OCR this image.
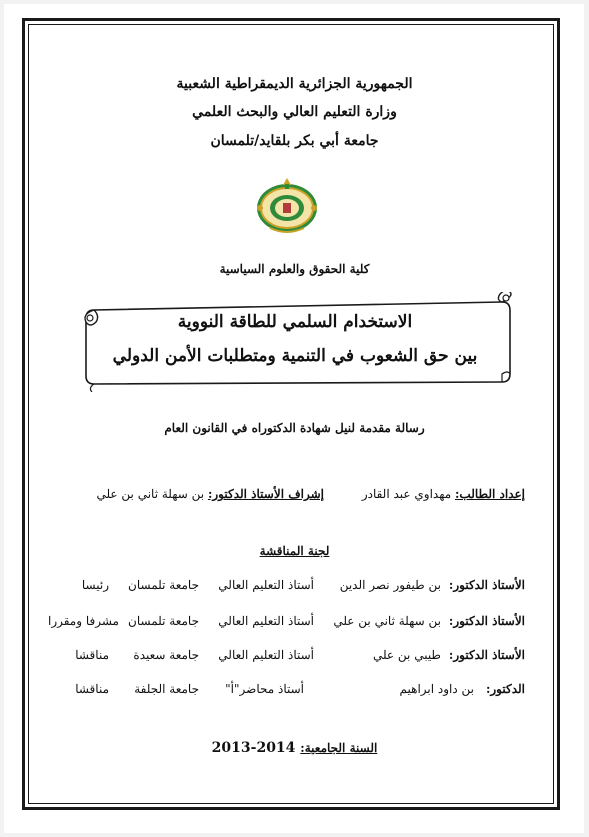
الجمهورية الجزائرية الديمقراطية الشعبية
وزارة التعليم العالي والبحث العلمي
جامعة أبي بكر بلقايد/تلمسان
كلية الحقوق والعلوم السياسية
الاستخدام السلمي للطاقة النووية
بين حق الشعوب في التنمية ومتطلبات الأمن الدولي
رسالة مقدمة لنيل شهادة الدكتوراه في القانون العام
إعداد الطالب: مهداوي عبد القادر
إشراف الأستاذ الدكتور: بن سهلة ثاني بن علي
لجنة المناقشة
الأستاذ الدكتور:
بن طيفور نصر الدين
أستاذ التعليم العالي
جامعة تلمسان
رئيسا
الأستاذ الدكتور:
بن سهلة ثاني بن علي
أستاذ التعليم العالي
جامعة تلمسان
مشرفا ومقررا
الأستاذ الدكتور:
طيبي بن علي
أستاذ التعليم العالي
جامعة سعيدة
مناقشا
الدكتور:
بن داود ابراهيم
أستاذ محاضر"أ"
جامعة الجلفة
مناقشا
السنة الجامعية: 2013-2014
